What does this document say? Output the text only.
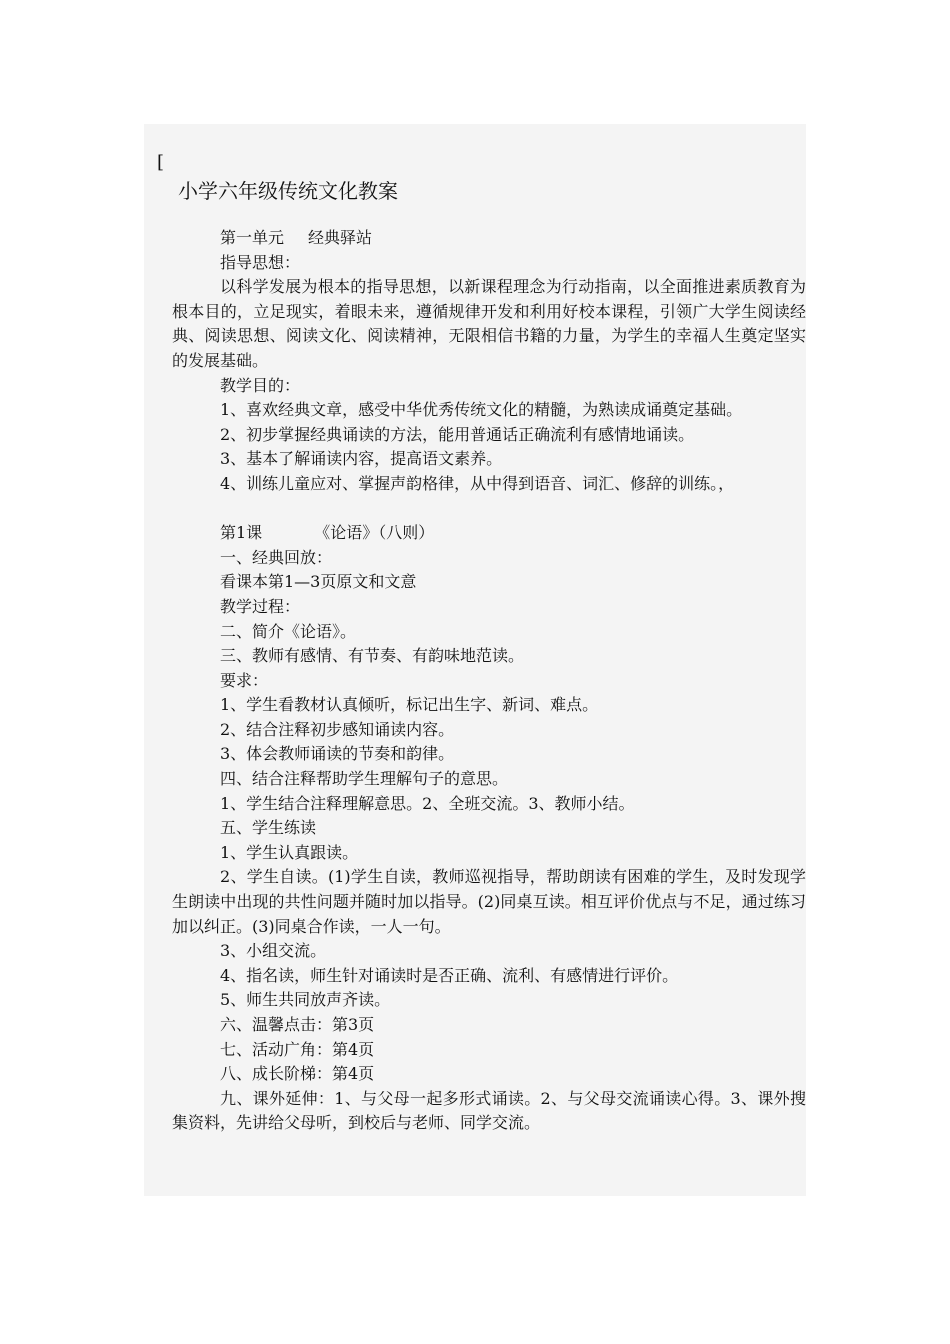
[
小学六年级传统文化教案
第一单元 经典驿站
指导思想：

以科学发展为根本的指导思想，以新课程理念为行动指南，以全面推进素质教育为根本目的，立足现实，着眼未来，遵循规律开发和利用好校本课程，引领广大学生阅读经典、阅读思想、阅读文化、阅读精神，无限相信书籍的力量，为学生的幸福人生奠定坚实的发展基础。

教学目的：

1、喜欢经典文章，感受中华优秀传统文化的精髓，为熟读成诵奠定基础。

2、初步掌握经典诵读的方法，能用普通话正确流利有感情地诵读。
3、基本了解诵读内容，提高语文素养。
4、训练儿童应对、掌握声韵格律，从中得到语音、词汇、修辞的训练。，
第1课	《论语》（八则）
一、经典回放：
看课本第1—3页原文和文意
教学过程：
二、简介《论语》。
三、教师有感情、有节奏、有韵味地范读。
要求：
1、学生看教材认真倾听，标记出生字、新词、难点。
2、结合注释初步感知诵读内容。
3、体会教师诵读的节奏和韵律。
四、结合注释帮助学生理解句子的意思。
1、学生结合注释理解意思。2、全班交流。3、教师小结。
五、学生练读
1、学生认真跟读。

2、学生自读。(1)学生自读，教师巡视指导，帮助朗读有困难的学生，及时发现学生朗读中出现的共性问题并随时加以指导。(2)同桌互读。相互评价优点与不足，通过练习加以纠正。(3)同桌合作读，一人一句。

3、小组交流。
4、指名读，师生针对诵读时是否正确、流利、有感情进行评价。
5、师生共同放声齐读。
六、温馨点击：第3页
七、活动广角：第4页
八、成长阶梯：第4页

九、课外延伸：1、与父母一起多形式诵读。2、与父母交流诵读心得。3、课外搜集资料，先讲给父母听，到校后与老师、同学交流。
